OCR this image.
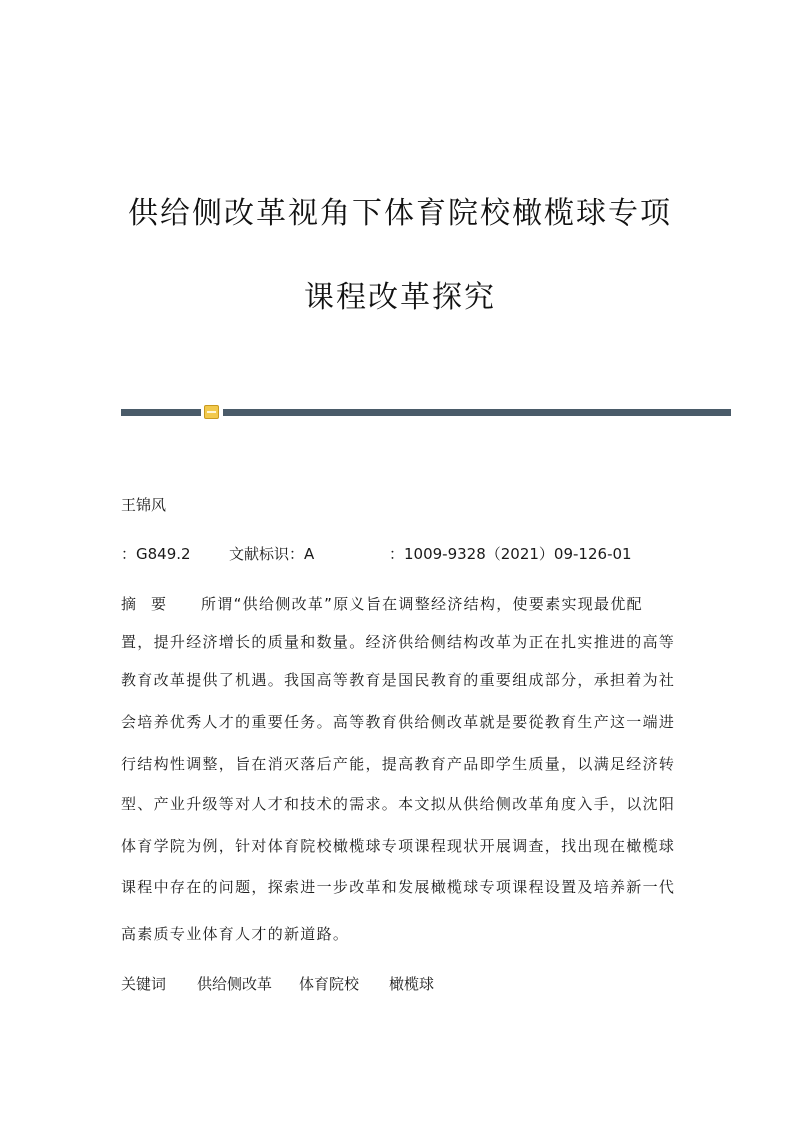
供给侧改革视角下体育院校橄榄球专项
课程改革探究
王锦风
：G849.2	文献标识：A	：1009-9328（2021）09-126-01
摘　要 所谓“供给侧改革”原义旨在调整经济结构，使要素实现最优配
置，提升经济增长的质量和数量。经济供给侧结构改革为正在扎实推进的高等
教育改革提供了机遇。我国高等教育是国民教育的重要组成部分，承担着为社
会培养优秀人才的重要任务。高等教育供给侧改革就是要從教育生产这一端进
行结构性调整，旨在消灭落后产能，提高教育产品即学生质量，以满足经济转
型、产业升级等对人才和技术的需求。本文拟从供给侧改革角度入手，以沈阳
体育学院为例，针对体育院校橄榄球专项课程现状开展调查，找出现在橄榄球
课程中存在的问题，探索进一步改革和发展橄榄球专项课程设置及培养新一代
高素质专业体育人才的新道路。
关键词 供给侧改革 体育院校 橄榄球
